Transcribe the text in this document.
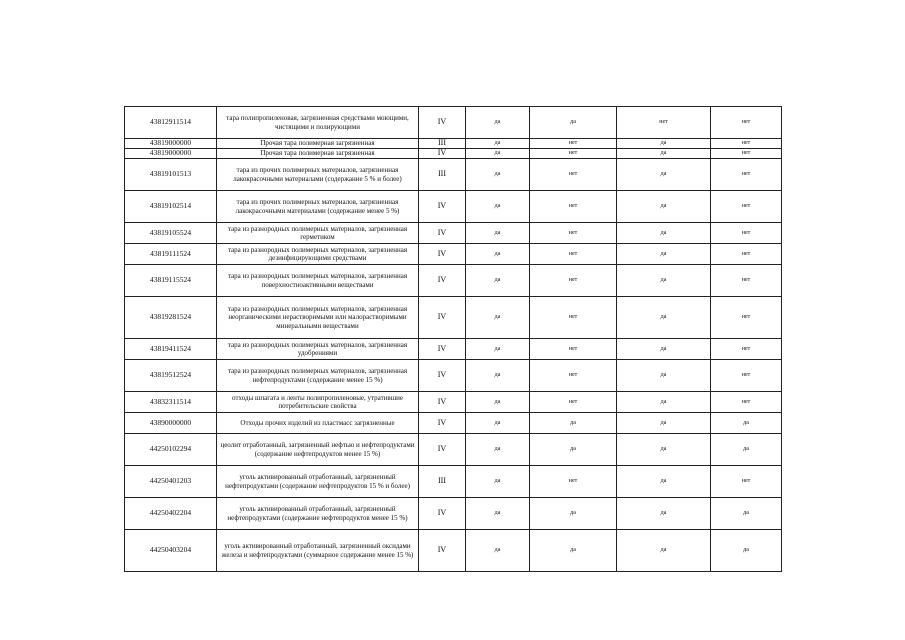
43812911514	тара полипропиленовая, загрязненная средствами моющими, чистящими и полирующими	IV	да	да	нет	нет
43819000000	Прочая тара полимерная загрязненная	III	да	нет	да	нет
43819000000	Прочая тара полимерная загрязненная	IV	да	нет	да	нет
43819101513	тара из прочих полимерных материалов, загрязненная лакокрасочными материалами (содержание 5 % и более)	III	да	нет	да	нет
43819102514	тара из прочих полимерных материалов, загрязненная лакокрасочными материалами (содержание менее 5 %)	IV	да	нет	да	нет
43819105524	тара из разнородных полимерных материалов, загрязненная герметиком	IV	да	нет	да	нет
43819111524	тара из разнородных полимерных материалов, загрязненная дезинфицирующими средствами	IV	да	нет	да	нет
43819115524	тара из разнородных полимерных материалов, загрязненная поверхностноактивными веществами	IV	да	нет	да	нет
43819281524	тара из разнородных полимерных материалов, загрязненная неорганическими нерастворимыми или малорастворимыми минеральными веществами	IV	да	нет	да	нет
43819411524	тара из разнородных полимерных материалов, загрязненная удобрениями	IV	да	нет	да	нет
43819512524	тара из разнородных полимерных материалов, загрязненная нефтепродуктами (содержание менее 15 %)	IV	да	нет	да	нет
43832311514	отходы шпагата и ленты полипропиленовые, утратившие потребительские свойства	IV	да	нет	да	нет
43890000000	Отходы прочих изделий из пластмасс загрязненные	IV	да	да	да	да
44250102294	цеолит отработанный, загрязненный нефтью и нефтепродуктами (содержание нефтепродуктов менее 15 %)	IV	да	да	да	да
44250401203	уголь активированный отработанный, загрязненный нефтепродуктами (содержание нефтепродуктов 15 % и более)	III	да	нет	да	нет
44250402204	уголь активированный отработанный, загрязненный нефтепродуктами (содержание нефтепродуктов менее 15 %)	IV	да	да	да	да
44250403204	уголь активированный отработанный, загрязненный оксидами железа и нефтепродуктами (суммарное содержание менее 15 %)	IV	да	да	да	да
